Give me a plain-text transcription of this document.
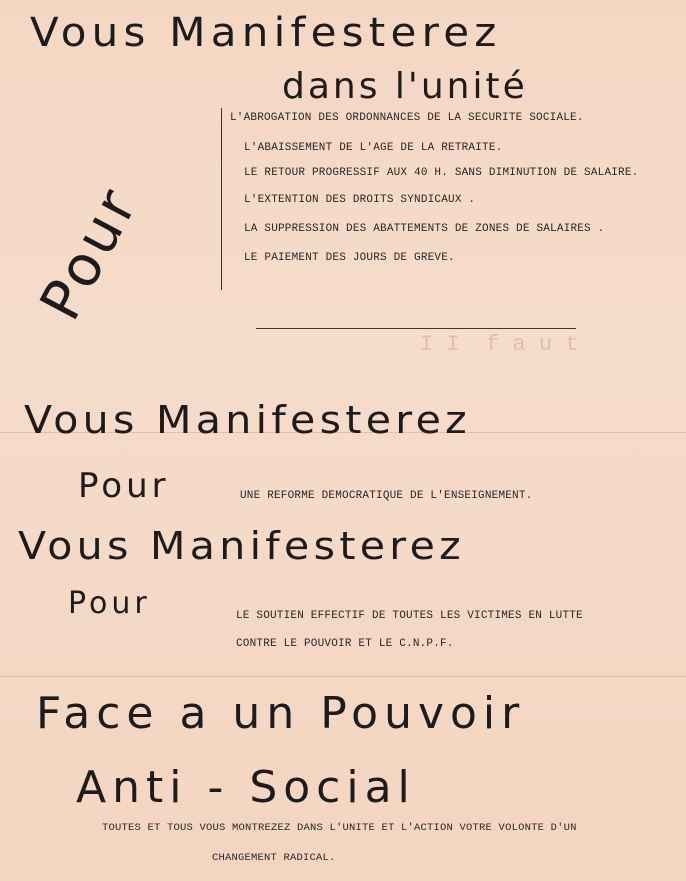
I I  f a u t
Vous Manifesterez
dans l'unité
Pour
L'ABROGATION DES ORDONNANCES DE LA SECURITE SOCIALE.
L'ABAISSEMENT DE L'AGE DE LA RETRAITE.
LE RETOUR PROGRESSIF AUX 40 H. SANS DIMINUTION DE SALAIRE.
L'EXTENTION DES DROITS SYNDICAUX .
LA SUPPRESSION DES ABATTEMENTS DE ZONES DE SALAIRES .
LE PAIEMENT DES JOURS DE GREVE.
Vous Manifesterez
Pour	UNE REFORME DEMOCRATIQUE DE L'ENSEIGNEMENT.
Vous Manifesterez
Pour	LE SOUTIEN EFFECTIF DE TOUTES LES VICTIMES EN LUTTE
CONTRE LE POUVOIR ET LE C.N.P.F.
Face a un Pouvoir
Anti - Social
TOUTES ET TOUS VOUS MONTREZEZ DANS L'UNITE ET L'ACTION VOTRE VOLONTE D'UN
CHANGEMENT RADICAL.
